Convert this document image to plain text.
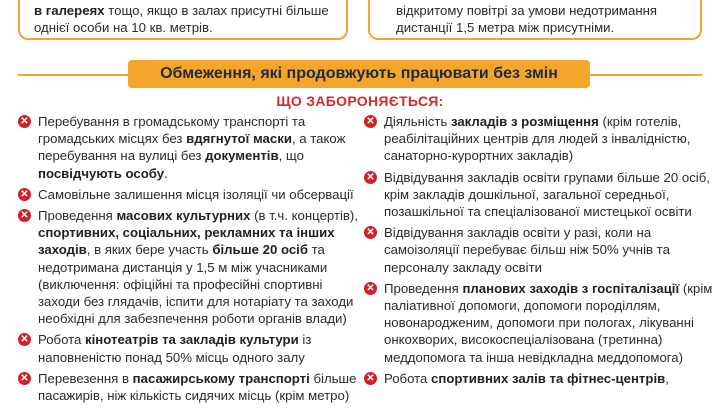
в галереях тощо, якщо в залах присутні більше
однієї особи на 10 кв. метрів.

відкритому повітрі за умови недотримання
дистанції 1,5 метра між присутніми.

Обмеження, які продовжують працювати без змін
ЩО ЗАБОРОНЯЄТЬСЯ:
✕ Перебування в громадському транспорті та громадських місцях без вдягнутої маски, а також перебування на вулиці без документів, що посвідчують особу.
✕ Самовільне залишення місця ізоляції чи обсервації
✕ Проведення масових культурних (в т.ч. концертів), спортивних, соціальних, рекламних та інших заходів, в яких бере участь більше 20 осіб та недотримана дистанція у 1,5 м між учасниками (виключення: офіційні та професійні спортивні заходи без глядачів, іспити для нотаріату та заходи необхідні для забезпечення роботи органів влади)
✕ Робота кінотеатрів та закладів культури із наповненістю понад 50% місць одного залу
✕ Перевезення в пасажирському транспорті більше пасажирів, ніж кількість сидячих місць (крім метро)
✕ Діяльність закладів з розміщення (крім готелів, реабілітаційних центрів для людей з інвалідністю, санаторно-курортних закладів)
✕ Відвідування закладів освіти групами більше 20 осіб, крім закладів дошкільної, загальної середньої, позашкільної та спеціалізованої мистецької освіти
✕ Відвідування закладів освіти у разі, коли на самоізоляції перебуває більш ніж 50% учнів та персоналу закладу освіти
✕ Проведення планових заходів з госпіталізації (крім паліативної допомоги, допомоги породіллям, новонародженим, допомоги при пологах, лікуванні онкохворих, високоспеціалізована (третинна) меддопомога та інша невідкладна меддопомога)
✕ Робота спортивних залів та фітнес-центрів,
